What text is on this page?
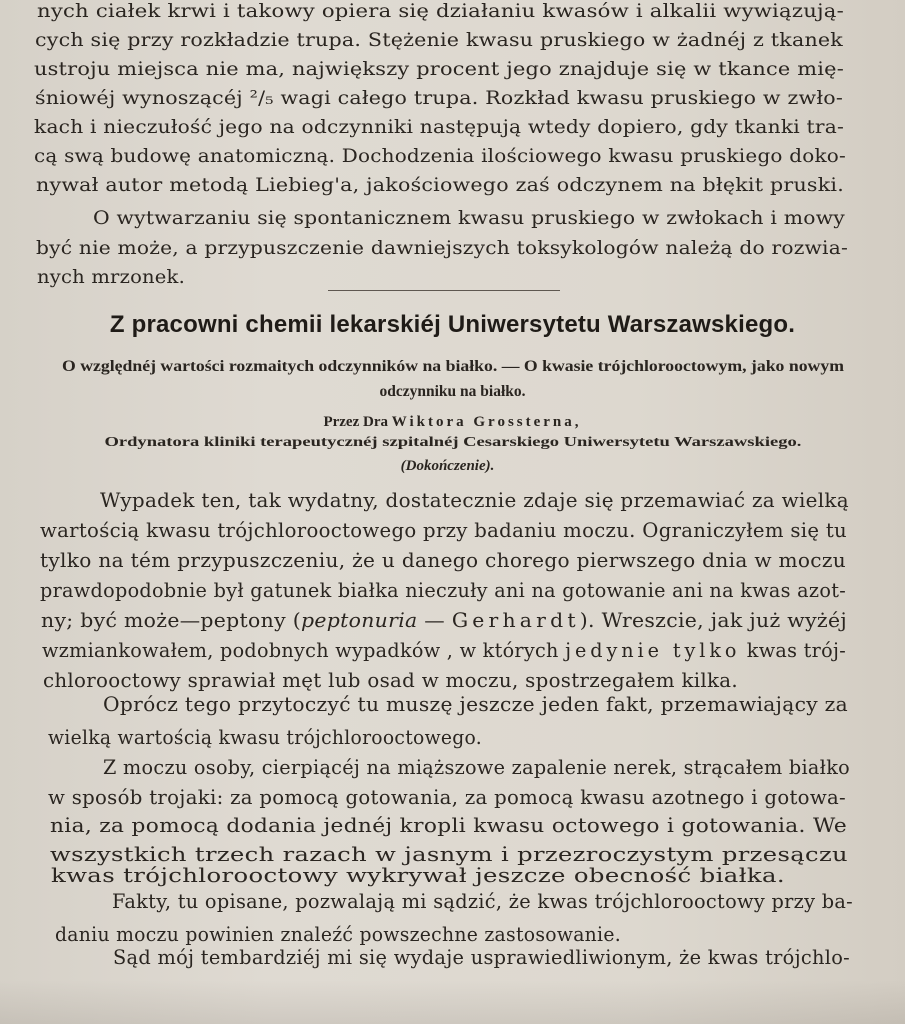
nych ciałek krwi i takowy opiera się działaniu kwasów i alkalii wywiązują-
cych się przy rozkładzie trupa. Stężenie kwasu pruskiego w żadnéj z tkanek
ustroju miejsca nie ma, największy procent jego znajduje się w tkance mię-
śniowéj wynoszącéj ²/₅ wagi całego trupa. Rozkład kwasu pruskiego w zwło-
kach i nieczułość jego na odczynniki następują wtedy dopiero, gdy tkanki tra-
cą swą budowę anatomiczną. Dochodzenia ilościowego kwasu pruskiego doko-
nywał autor metodą Liebieg'a, jakościowego zaś odczynem na błękit pruski.
O wytwarzaniu się spontanicznem kwasu pruskiego w zwłokach i mowy
być nie może, a przypuszczenie dawniejszych toksykologów należą do rozwia-
nych mrzonek.
Z pracowni chemii lekarskiéj Uniwersytetu Warszawskiego.
O względnéj wartości rozmaitych odczynników na białko. — O kwasie trójchlorooctowym, jako nowym
odczynniku na białko.
Przez Dra Wiktora Grossterna,
Ordynatora kliniki terapeutycznéj szpitalnéj Cesarskiego Uniwersytetu Warszawskiego.
(Dokończenie).
Wypadek ten, tak wydatny, dostatecznie zdaje się przemawiać za wielką
wartością kwasu trójchlorooctowego przy badaniu moczu. Ograniczyłem się tu
tylko na tém przypuszczeniu, że u danego chorego pierwszego dnia w moczu
prawdopodobnie był gatunek białka nieczuły ani na gotowanie ani na kwas azot-
ny; być może—peptony (peptonuria — Gerhardt). Wreszcie, jak już wyżéj
wzmiankowałem, podobnych wypadków , w których jedynie tylko kwas trój-
chlorooctowy sprawiał męt lub osad w moczu, spostrzegałem kilka.
Oprócz tego przytoczyć tu muszę jeszcze jeden fakt, przemawiający za
wielką wartością kwasu trójchlorooctowego.
Z moczu osoby, cierpiącéj na miąższowe zapalenie nerek, strącałem białko
w sposób trojaki: za pomocą gotowania, za pomocą kwasu azotnego i gotowa-
nia, za pomocą dodania jednéj kropli kwasu octowego i gotowania. We
wszystkich trzech razach w jasnym i przezroczystym przesączu
kwas trójchlorooctowy wykrywał jeszcze obecność białka.
Fakty, tu opisane, pozwalają mi sądzić, że kwas trójchlorooctowy przy ba-
daniu moczu powinien znaleźć powszechne zastosowanie.
Sąd mój tembardziéj mi się wydaje usprawiedliwionym, że kwas trójchlo-
